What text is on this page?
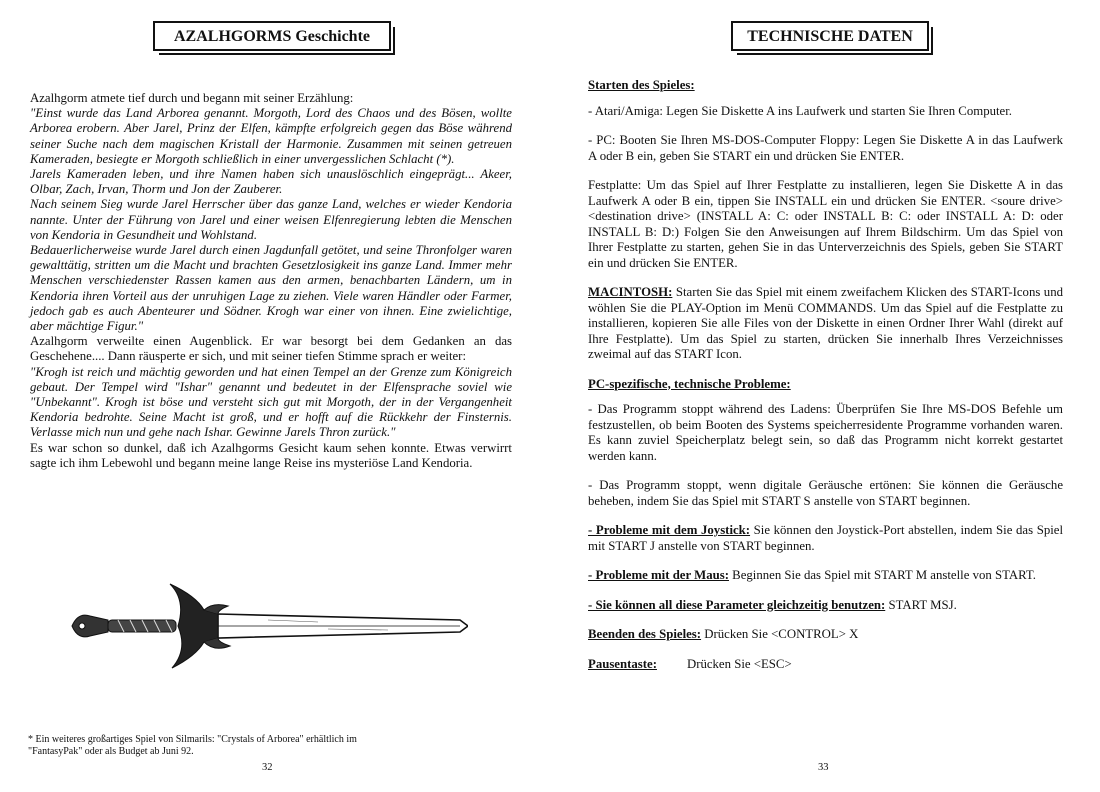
AZALHGORMS Geschichte

Azalhgorm atmete tief durch und begann mit seiner Erzählung:

"Einst wurde das Land Arborea genannt. Morgoth, Lord des Chaos und des Bösen, wollte Arborea erobern. Aber Jarel, Prinz der Elfen, kämpfte erfolgreich gegen das Böse während seiner Suche nach dem magischen Kristall der Harmonie. Zusammen mit seinen getreuen Kameraden, besiegte er Morgoth schließlich in einer unvergesslichen Schlacht (*).

Jarels Kameraden leben, und ihre Namen haben sich unauslöschlich eingeprägt... Akeer, Olbar, Zach, Irvan, Thorm und Jon der Zauberer.

Nach seinem Sieg wurde Jarel Herrscher über das ganze Land, welches er wieder Kendoria nannte. Unter der Führung von Jarel und einer weisen Elfenregierung lebten die Menschen von Kendoria in Gesundheit und Wohlstand.

Bedauerlicherweise wurde Jarel durch einen Jagdunfall getötet, und seine Thronfolger waren gewalttätig, stritten um die Macht und brachten Gesetzlosigkeit ins ganze Land. Immer mehr Menschen verschiedenster Rassen kamen aus den armen, benachbarten Ländern, um in Kendoria ihren Vorteil aus der unruhigen Lage zu ziehen. Viele waren Händler oder Farmer, jedoch gab es auch Abenteurer und Södner. Krogh war einer von ihnen. Eine zwielichtige, aber mächtige Figur."

Azalhgorm verweilte einen Augenblick. Er war besorgt bei dem Gedanken an das Geschehene.... Dann räusperte er sich, und mit seiner tiefen Stimme sprach er weiter:

"Krogh ist reich und mächtig geworden und hat einen Tempel an der Grenze zum Königreich gebaut. Der Tempel wird "Ishar" genannt und bedeutet in der Elfensprache soviel wie "Unbekannt". Krogh ist böse und versteht sich gut mit Morgoth, der in der Vergangenheit Kendoria bedrohte. Seine Macht ist groß, und er hofft auf die Rückkehr der Finsternis. Verlasse mich nun und gehe nach Ishar. Gewinne Jarels Thron zurück."

Es war schon so dunkel, daß ich Azalhgorms Gesicht kaum sehen konnte. Etwas verwirrt sagte ich ihm Lebewohl und begann meine lange Reise ins mysteriöse Land Kendoria.

* Ein weiteres großartiges Spiel von Silmarils: "Crystals of Arborea" erhältlich im "FantasyPak" oder als Budget ab Juni 92.
32
TECHNISCHE DATEN

Starten des Spieles:

- Atari/Amiga: Legen Sie Diskette A ins Laufwerk und starten Sie Ihren Computer.

- PC: Booten Sie Ihren MS-DOS-Computer Floppy: Legen Sie Diskette A in das Laufwerk A oder B ein, geben Sie START ein und drücken Sie ENTER.

Festplatte: Um das Spiel auf Ihrer Festplatte zu installieren, legen Sie Diskette A in das Laufwerk A oder B ein, tippen Sie INSTALL ein und drücken Sie ENTER. <soure drive> <destination drive> (INSTALL A: C: oder INSTALL B: C: oder INSTALL A: D: oder INSTALL B: D:) Folgen Sie den Anweisungen auf Ihrem Bildschirm. Um das Spiel von Ihrer Festplatte zu starten, gehen Sie in das Unterverzeichnis des Spiels, geben Sie START ein und drücken Sie ENTER.

MACINTOSH: Starten Sie das Spiel mit einem zweifachem Klicken des START-Icons und wöhlen Sie die PLAY-Option im Menü COMMANDS. Um das Spiel auf die Festplatte zu installieren, kopieren Sie alle Files von der Diskette in einen Ordner Ihrer Wahl (direkt auf Ihre Festplatte). Um das Spiel zu starten, drücken Sie innerhalb Ihres Verzeichnisses zweimal auf das START Icon.

PC-spezifische, technische Probleme:

- Das Programm stoppt während des Ladens: Überprüfen Sie Ihre MS-DOS Befehle um festzustellen, ob beim Booten des Systems speicherresidente Programme vorhanden waren. Es kann zuviel Speicherplatz belegt sein, so daß das Programm nicht korrekt gestartet werden kann.

- Das Programm stoppt, wenn digitale Geräusche ertönen: Sie können die Geräusche beheben, indem Sie das Spiel mit START S anstelle von START beginnen.

- Probleme mit dem Joystick: Sie können den Joystick-Port abstellen, indem Sie das Spiel mit START J anstelle von START beginnen.

- Probleme mit der Maus: Beginnen Sie das Spiel mit START M anstelle von START.

- Sie können all diese Parameter gleichzeitig benutzen: START MSJ.

Beenden des Spieles: Drücken Sie <CONTROL> X

Pausentaste: Drücken Sie <ESC>

33
